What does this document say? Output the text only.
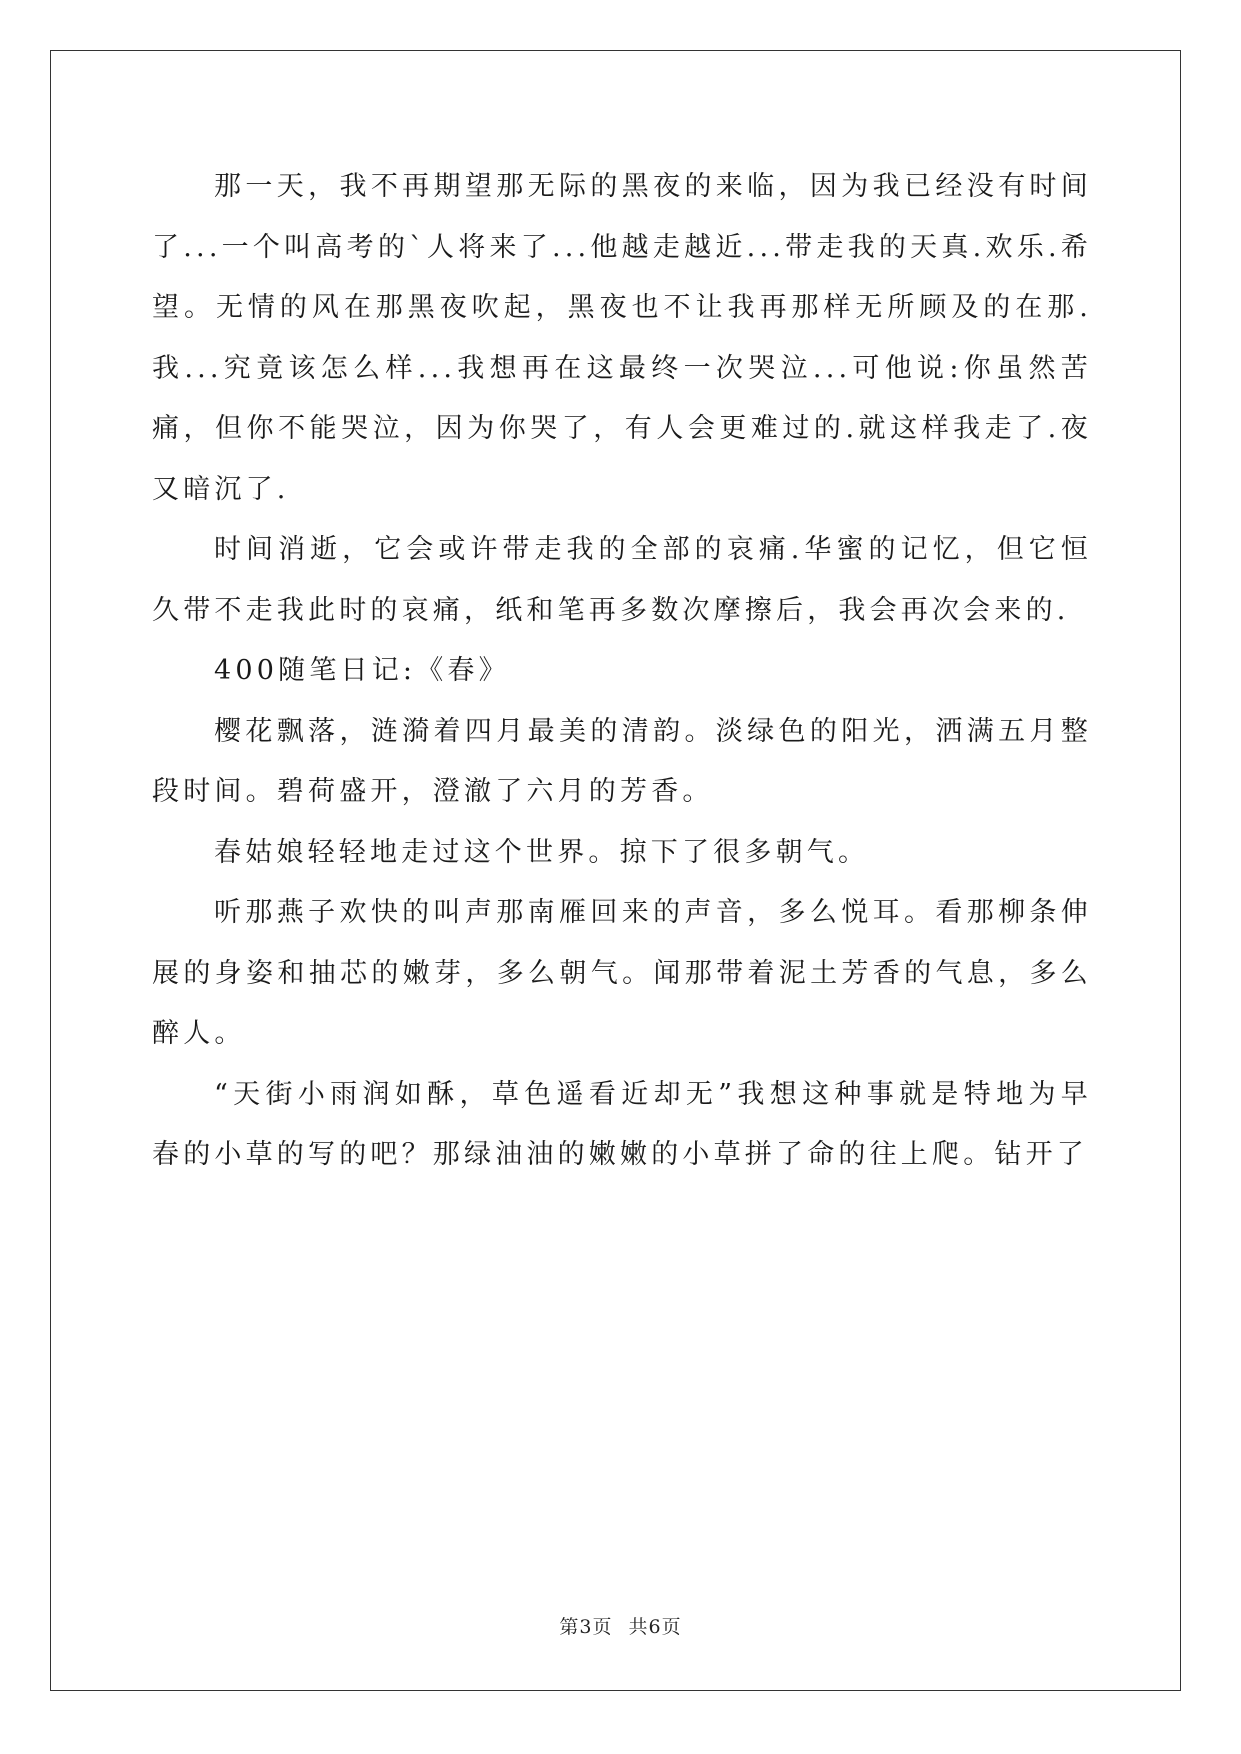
那一天，我不再期望那无际的黑夜的来临，因为我已经没有时间了...一个叫高考的`人将来了...他越走越近...带走我的天真.欢乐.希望。无情的风在那黑夜吹起，黑夜也不让我再那样无所顾及的在那.我...究竟该怎么样...我想再在这最终一次哭泣...可他说:你虽然苦痛，但你不能哭泣，因为你哭了，有人会更难过的.就这样我走了.夜又暗沉了.

时间消逝，它会或许带走我的全部的哀痛.华蜜的记忆，但它恒久带不走我此时的哀痛，纸和笔再多数次摩擦后，我会再次会来的.

400随笔日记:《春》

樱花飘落，涟漪着四月最美的清韵。淡绿色的阳光，洒满五月整段时间。碧荷盛开，澄澈了六月的芳香。

春姑娘轻轻地走过这个世界。掠下了很多朝气。

听那燕子欢快的叫声那南雁回来的声音，多么悦耳。看那柳条伸展的身姿和抽芯的嫩芽，多么朝气。闻那带着泥土芳香的气息，多么醉人。

“天街小雨润如酥，草色遥看近却无”我想这种事就是特地为早春的小草的写的吧？那绿油油的嫩嫩的小草拼了命的往上爬。钻开了

第3页 共6页
